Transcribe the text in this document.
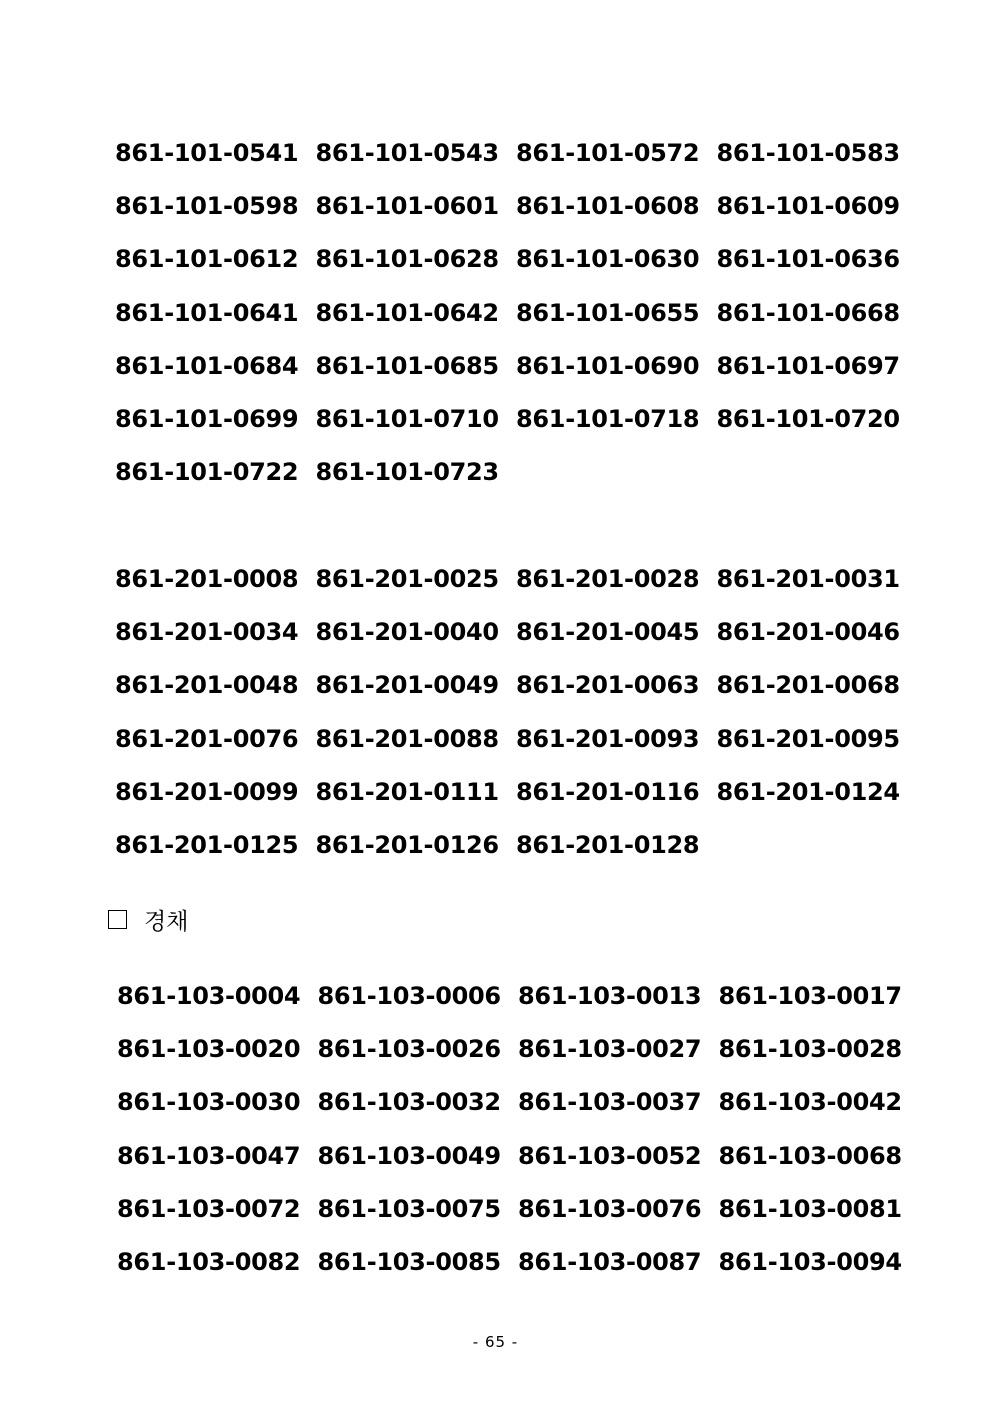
861-101-0541 861-101-0543 861-101-0572 861-101-0583
861-101-0598 861-101-0601 861-101-0608 861-101-0609
861-101-0612 861-101-0628 861-101-0630 861-101-0636
861-101-0641 861-101-0642 861-101-0655 861-101-0668
861-101-0684 861-101-0685 861-101-0690 861-101-0697
861-101-0699 861-101-0710 861-101-0718 861-101-0720
861-101-0722 861-101-0723
861-201-0008 861-201-0025 861-201-0028 861-201-0031
861-201-0034 861-201-0040 861-201-0045 861-201-0046
861-201-0048 861-201-0049 861-201-0063 861-201-0068
861-201-0076 861-201-0088 861-201-0093 861-201-0095
861-201-0099 861-201-0111 861-201-0116 861-201-0124
861-201-0125 861-201-0126 861-201-0128
경채
861-103-0004 861-103-0006 861-103-0013 861-103-0017
861-103-0020 861-103-0026 861-103-0027 861-103-0028
861-103-0030 861-103-0032 861-103-0037 861-103-0042
861-103-0047 861-103-0049 861-103-0052 861-103-0068
861-103-0072 861-103-0075 861-103-0076 861-103-0081
861-103-0082 861-103-0085 861-103-0087 861-103-0094
- 65 -
